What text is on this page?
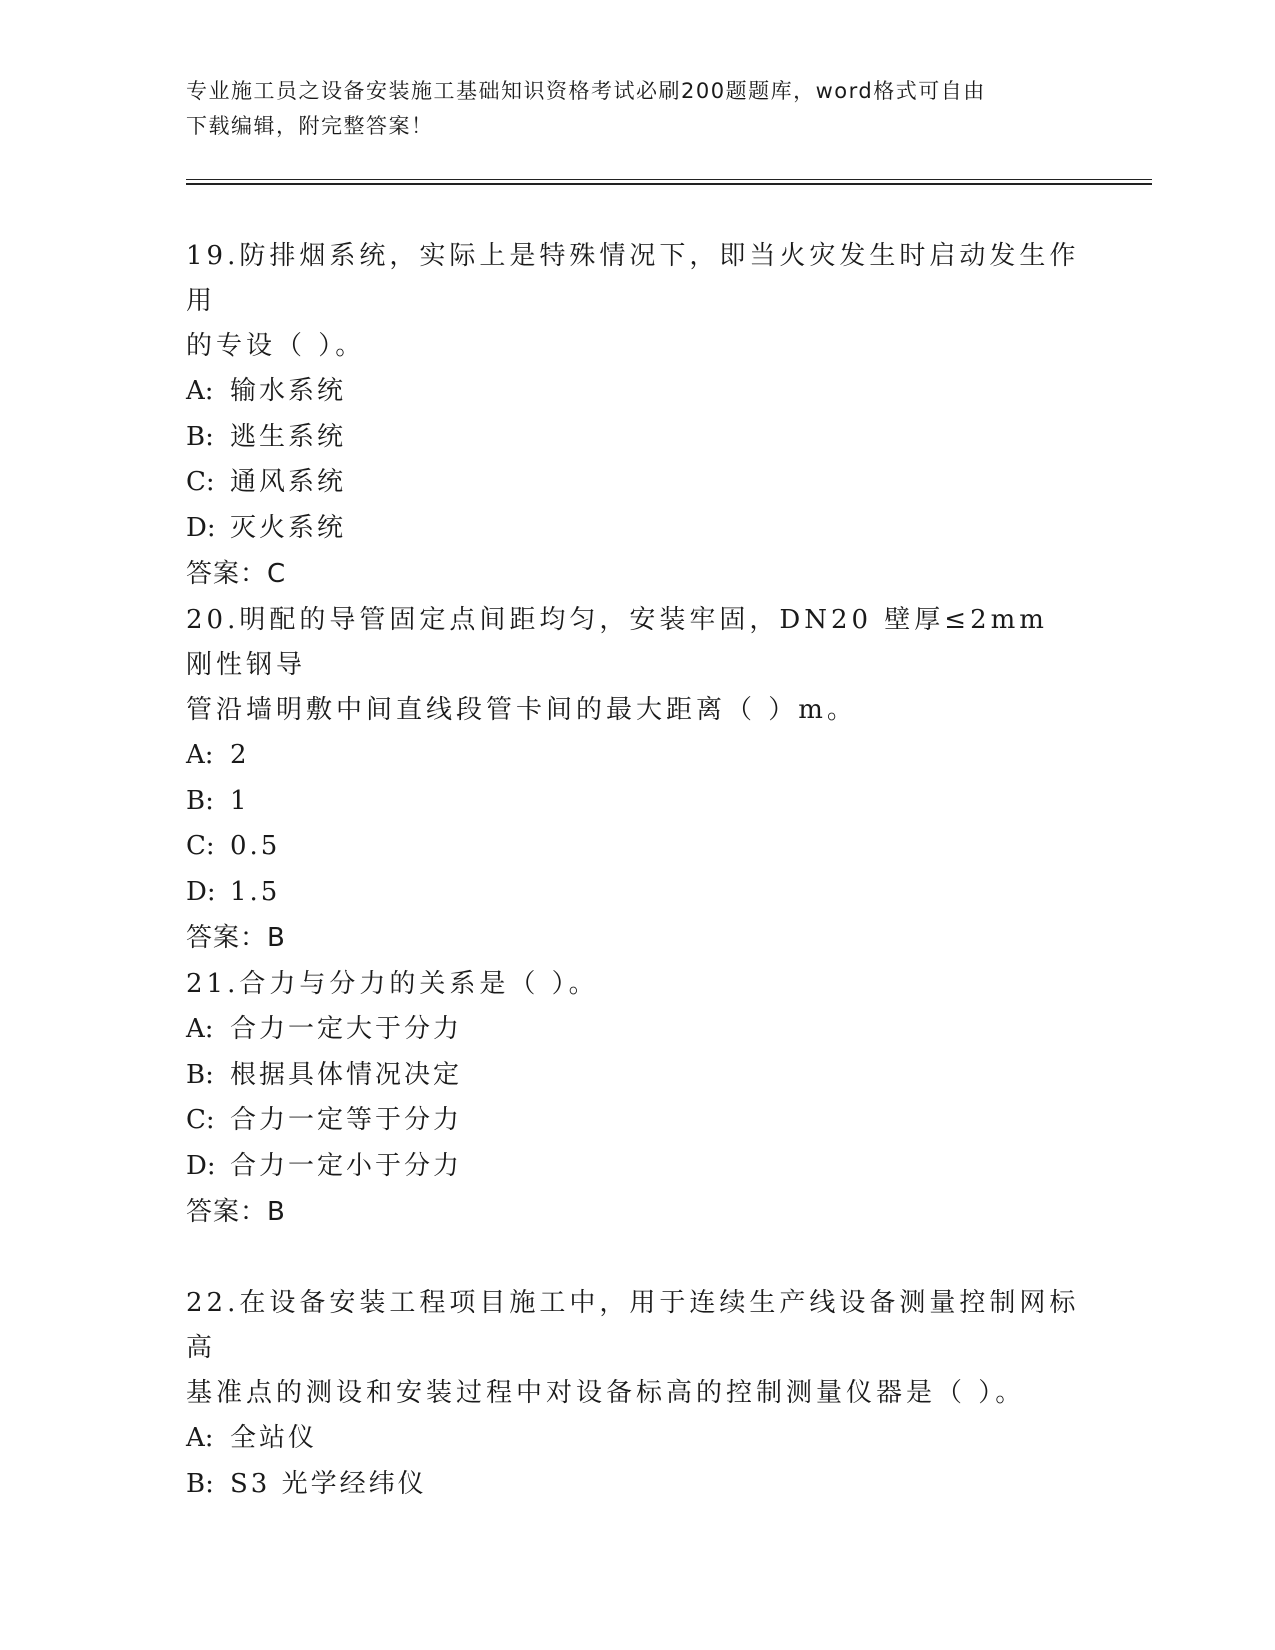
专业施工员之设备安装施工基础知识资格考试必刷200题题库，word格式可自由
下载编辑，附完整答案！
19.防排烟系统，实际上是特殊情况下，即当火灾发生时启动发生作用
的专设（ ）。
A: 输水系统
B: 逃生系统
C: 通风系统
D: 灭火系统
答案：C
20.明配的导管固定点间距均匀，安装牢固，DN20 壁厚≤2mm 刚性钢导
管沿墙明敷中间直线段管卡间的最大距离（ ）m。
A: 2
B: 1
C: 0.5
D: 1.5
答案：B
21.合力与分力的关系是（ ）。
A: 合力一定大于分力
B: 根据具体情况决定
C: 合力一定等于分力
D: 合力一定小于分力
答案：B
22.在设备安装工程项目施工中，用于连续生产线设备测量控制网标高
基准点的测设和安装过程中对设备标高的控制测量仪器是（ ）。
A: 全站仪
B: S3 光学经纬仪
